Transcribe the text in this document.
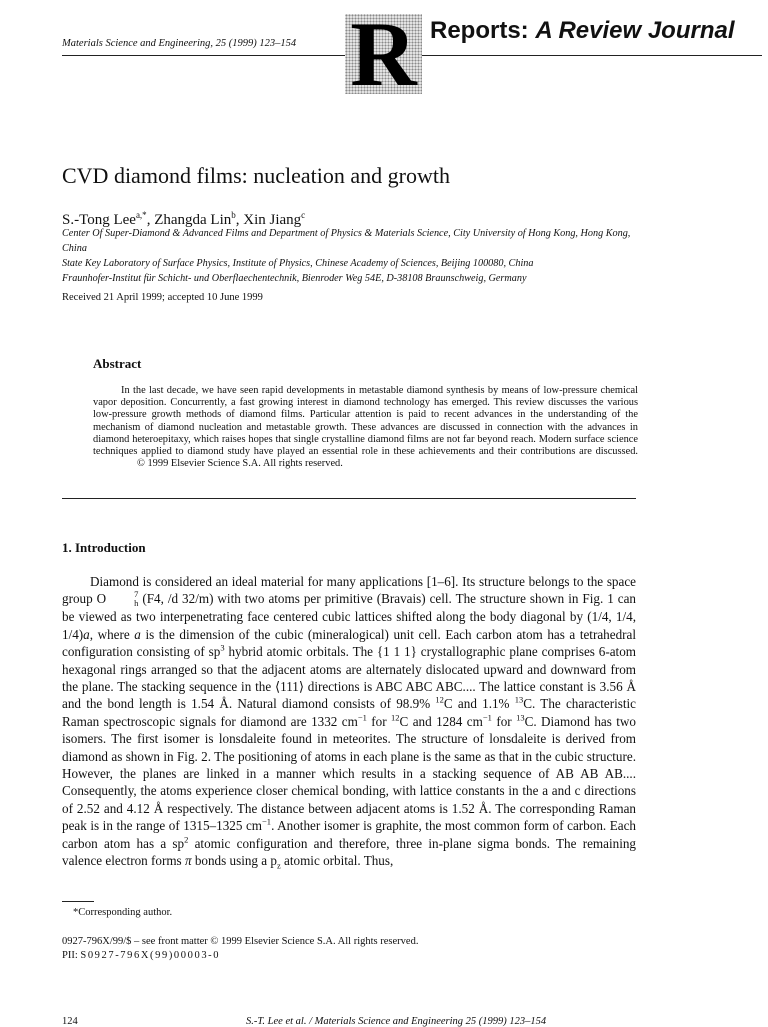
Materials Science and Engineering, 25 (1999) 123–154 R Reports: A Review Journal
CVD diamond films: nucleation and growth
S.-Tong Lee$^{a,*}$, Zhangda Lin$^b$, Xin Jiang$^c$
Center Of Super-Diamond & Advanced Films and Department of Physics & Materials Science, City University of Hong Kong, Hong Kong, China
State Key Laboratory of Surface Physics, Institute of Physics, Chinese Academy of Sciences, Beijing 100080, China
Fraunhofer-Institut für Schicht- und Oberflaechentechnik, Bienroder Weg 54E, D-38108 Braunschweig, Germany
Received 21 April 1999; accepted 10 June 1999
Abstract
In the last decade, we have seen rapid developments in metastable diamond synthesis by means of low-pressure chemical vapor deposition. Concurrently, a fast growing interest in diamond technology has emerged. This review discusses the various low-pressure growth methods of diamond films. Particular attention is paid to recent advances in the understanding of the mechanism of diamond nucleation and metastable growth. These advances are discussed in connection with the advances in diamond heteroepitaxy, which raises hopes that single crystalline diamond films are not far beyond reach. Modern surface science techniques applied to diamond study have played an essential role in these achievements and their contributions are discussed.© 1999 Elsevier Science S.A. All rights reserved.
1. Introduction
Diamond is considered an ideal material for many applications [1–6]. Its structure belongs to the space group O	7
h (F4, /d 32/m) with two atoms per primitive (Bravais) cell. The structure shown in Fig. 1 can be viewed as two interpenetrating face centered cubic lattices shifted along the body diagonal by (1/4, 1/4, 1/4)a, where a is the dimension of the cubic (mineralogical) unit cell. Each carbon atom has a tetrahedral configuration consisting of $sp^3$ hybrid atomic orbitals. The {1 1 1} crystallographic plane comprises 6-atom hexagonal rings arranged so that the adjacent atoms are alternately dislocated upward and downward from the plane. The stacking sequence in the ⟨111⟩ directions is ABC ABC ABC.... The lattice constant is 3.56 Å and the bond length is 1.54 Å. Natural diamond consists of 98.9% $^{12}$C and 1.1% $^{13}$C. The characteristic Raman spectroscopic signals for diamond are 1332 $cm^{-1}$ for $^{12}$C and 1284 $cm^{-1}$ for $^{13}$C. Diamond has two isomers. The first isomer is lonsdaleite found in meteorites. The structure of lonsdaleite is derived from diamond as shown in Fig. 2. The positioning of atoms in each plane is the same as that in the cubic structure. However, the planes are linked in a manner which results in a stacking sequence of AB AB AB.... Consequently, the atoms experience closer chemical bonding, with lattice constants in the a and c directions of 2.52 and 4.12 Å respectively. The distance between adjacent atoms is 1.52 Å. The corresponding Raman peak is in the range of 1315–1325 $cm^{-1}$. Another isomer is graphite, the most common form of carbon. Each carbon atom has a $sp^2$ atomic configuration and therefore, three in-plane sigma bonds. The remaining valence electron forms π bonds using a $p_z$ atomic orbital. Thus,
*Corresponding author.
0927-796X/99/$ – see front matter © 1999 Elsevier Science S.A. All rights reserved.
PII: S0927-796X(99)00003-0
124	S.-T. Lee et al. / Materials Science and Engineering 25 (1999) 123–154
